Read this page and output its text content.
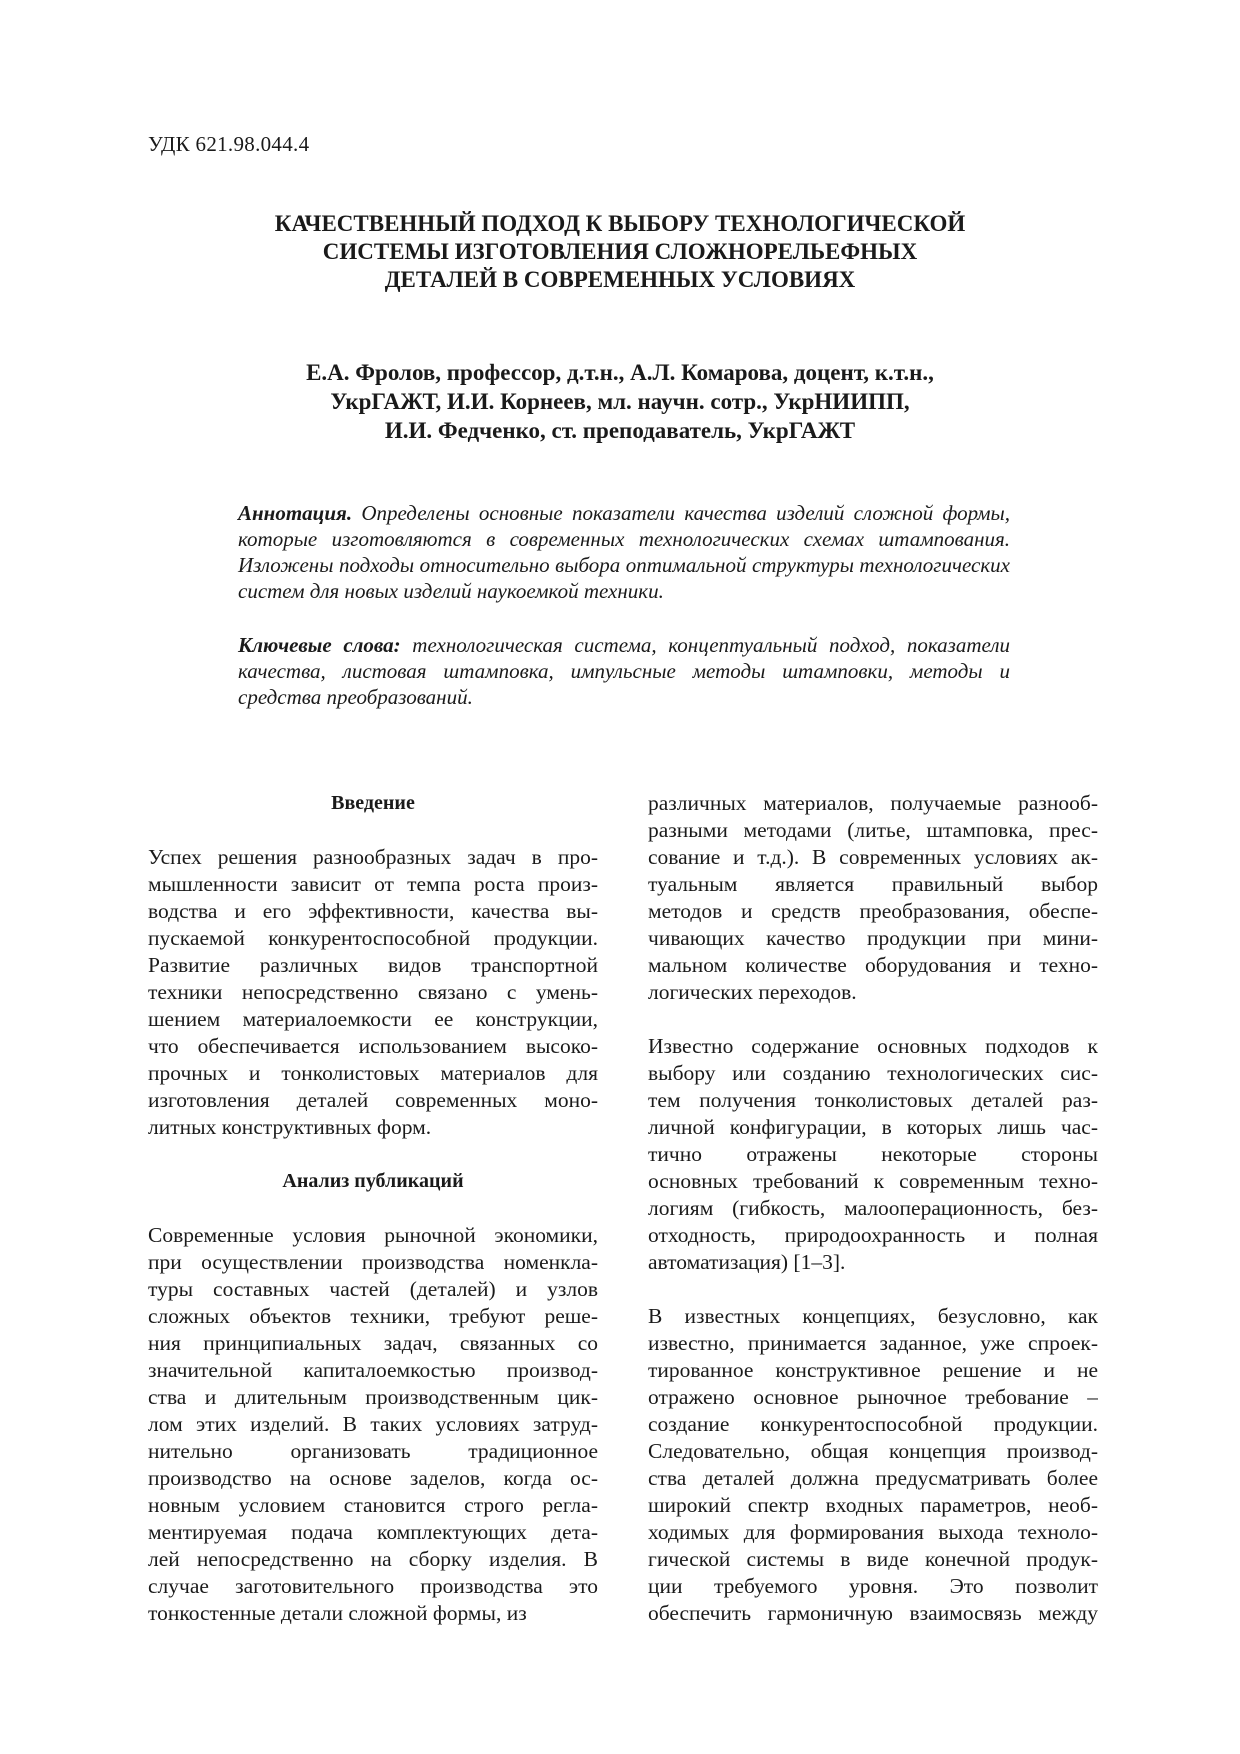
УДК 621.98.044.4
КАЧЕСТВЕННЫЙ ПОДХОД К ВЫБОРУ ТЕХНОЛОГИЧЕСКОЙ
СИСТЕМЫ ИЗГОТОВЛЕНИЯ СЛОЖНОРЕЛЬЕФНЫХ
ДЕТАЛЕЙ В СОВРЕМЕННЫХ УСЛОВИЯХ
Е.А. Фролов, профессор, д.т.н., А.Л. Комарова, доцент, к.т.н.,
УкрГАЖТ, И.И. Корнеев, мл. научн. сотр., УкрНИИПП,
И.И. Федченко, ст. преподаватель, УкрГАЖТ
Аннотация. Определены основные показатели качества изделий сложной формы, которые изготовляются в современных технологических схемах штампования. Изложены подходы относительно выбора оптимальной структуры технологических систем для новых изделий наукоемкой техники.
Ключевые слова: технологическая система, концептуальный подход, показатели качества, листовая штамповка, импульсные методы штамповки, методы и средства преобразований.
Введение
Успех решения разнообразных задач в про-
мышленности зависит от темпа роста произ-
водства и его эффективности, качества вы-
пускаемой конкурентоспособной продукции.
Развитие различных видов транспортной
техники непосредственно связано с умень-
шением материалоемкости ее конструкции,
что обеспечивается использованием высоко-
прочных и тонколистовых материалов для
изготовления деталей современных моно-
литных конструктивных форм.
Анализ публикаций
Современные условия рыночной экономики,
при осуществлении производства номенкла-
туры составных частей (деталей) и узлов
сложных объектов техники, требуют реше-
ния принципиальных задач, связанных со
значительной капиталоемкостью производ-
ства и длительным производственным цик-
лом этих изделий. В таких условиях затруд-
нительно организовать традиционное
производство на основе заделов, когда ос-
новным условием становится строго регла-
ментируемая подача комплектующих дета-
лей непосредственно на сборку изделия. В
случае заготовительного производства это
тонкостенные детали сложной формы, из
различных материалов, получаемые разнооб-
разными методами (литье, штамповка, прес-
сование и т.д.). В современных условиях ак-
туальным является правильный выбор
методов и средств преобразования, обеспе-
чивающих качество продукции при мини-
мальном количестве оборудования и техно-
логических переходов.
Известно содержание основных подходов к
выбору или созданию технологических сис-
тем получения тонколистовых деталей раз-
личной конфигурации, в которых лишь час-
тично отражены некоторые стороны
основных требований к современным техно-
логиям (гибкость, малооперационность, без-
отходность, природоохранность и полная
автоматизация) [1–3].
В известных концепциях, безусловно, как
известно, принимается заданное, уже спроек-
тированное конструктивное решение и не
отражено основное рыночное требование –
создание конкурентоспособной продукции.
Следовательно, общая концепция производ-
ства деталей должна предусматривать более
широкий спектр входных параметров, необ-
ходимых для формирования выхода техноло-
гической системы в виде конечной продук-
ции требуемого уровня. Это позволит
обеспечить гармоничную взаимосвязь между
